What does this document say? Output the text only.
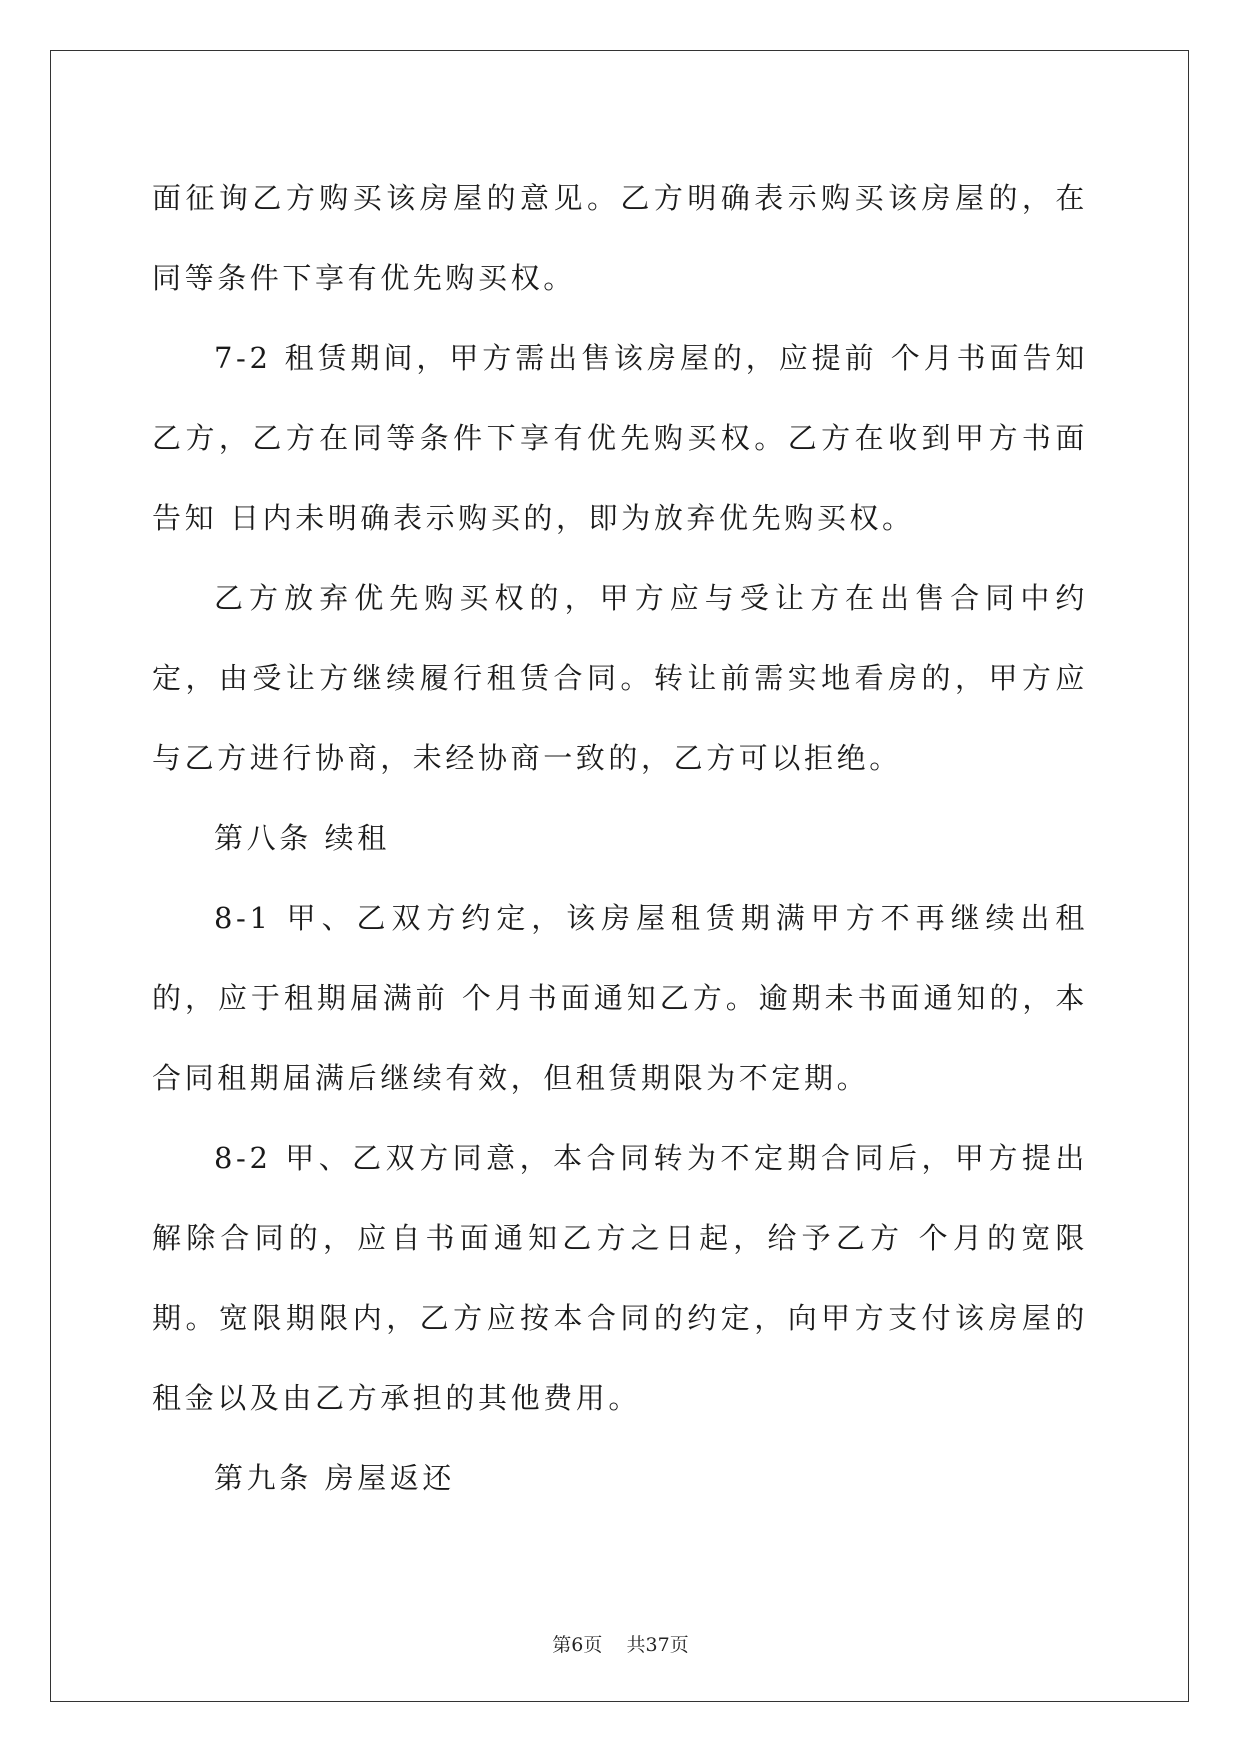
面征询乙方购买该房屋的意见。乙方明确表示购买该房屋的，在同等条件下享有优先购买权。

7-2 租赁期间，甲方需出售该房屋的，应提前 个月书面告知乙方，乙方在同等条件下享有优先购买权。乙方在收到甲方书面告知 日内未明确表示购买的，即为放弃优先购买权。

乙方放弃优先购买权的，甲方应与受让方在出售合同中约定，由受让方继续履行租赁合同。转让前需实地看房的，甲方应与乙方进行协商，未经协商一致的，乙方可以拒绝。

第八条 续租

8-1 甲、乙双方约定，该房屋租赁期满甲方不再继续出租的，应于租期届满前 个月书面通知乙方。逾期未书面通知的，本合同租期届满后继续有效，但租赁期限为不定期。

8-2 甲、乙双方同意，本合同转为不定期合同后，甲方提出解除合同的，应自书面通知乙方之日起，给予乙方 个月的宽限期。宽限期限内，乙方应按本合同的约定，向甲方支付该房屋的租金以及由乙方承担的其他费用。

第九条 房屋返还

第6页 共37页
